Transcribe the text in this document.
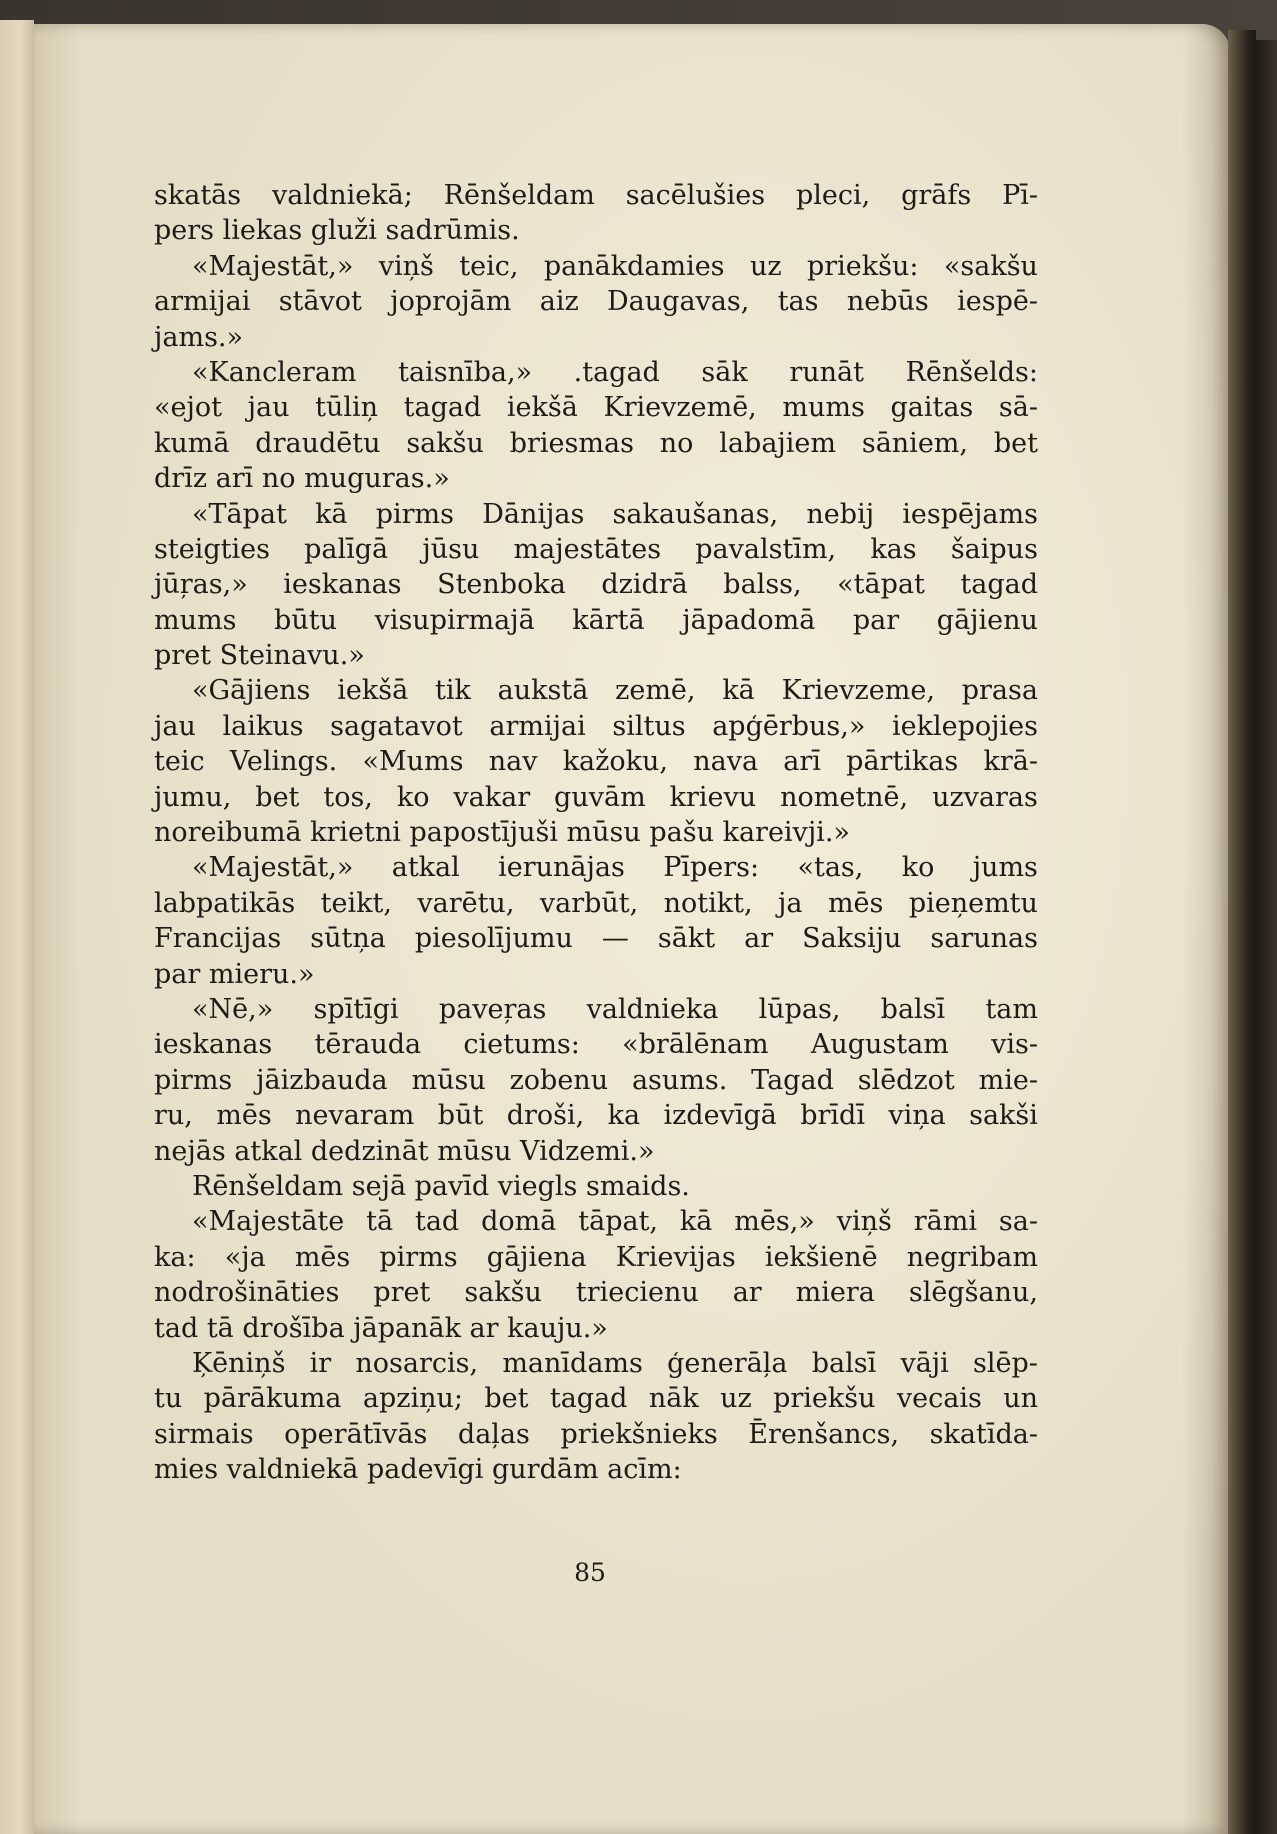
skatās valdniekā; Rēnšeldam sacēlušies pleci, grāfs Pī-
pers liekas gluži sadrūmis.
«Majestāt,» viņš teic, panākdamies uz priekšu: «sakšu
armijai stāvot joprojām aiz Daugavas, tas nebūs iespē-
jams.»
«Kancleram taisnība,» .tagad sāk runāt Rēnšelds:
«ejot jau tūliņ tagad iekšā Krievzemē, mums gaitas sā-
kumā draudētu sakšu briesmas no labajiem sāniem, bet
drīz arī no muguras.»
«Tāpat kā pirms Dānijas sakaušanas, nebij iespējams
steigties palīgā jūsu majestātes pavalstīm, kas šaipus
jūŗas,» ieskanas Stenboka dzidrā balss, «tāpat tagad
mums būtu visupirmajā kārtā jāpadomā par gājienu
pret Steinavu.»
«Gājiens iekšā tik aukstā zemē, kā Krievzeme, prasa
jau laikus sagatavot armijai siltus apģērbus,» ieklepojies
teic Velings. «Mums nav kažoku, nava arī pārtikas krā-
jumu, bet tos, ko vakar guvām krievu nometnē, uzvaras
noreibumā krietni papostījuši mūsu pašu kareivji.»
«Majestāt,» atkal ierunājas Pīpers: «tas, ko jums
labpatikās teikt, varētu, varbūt, notikt, ja mēs pieņemtu
Francijas sūtņa piesolījumu — sākt ar Saksiju sarunas
par mieru.»
«Nē,» spītīgi paveŗas valdnieka lūpas, balsī tam
ieskanas tērauda cietums: «brālēnam Augustam vis-
pirms jāizbauda mūsu zobenu asums. Tagad slēdzot mie-
ru, mēs nevaram būt droši, ka izdevīgā brīdī viņa sakši
nejās atkal dedzināt mūsu Vidzemi.»
Rēnšeldam sejā pavīd viegls smaids.
«Majestāte tā tad domā tāpat, kā mēs,» viņš rāmi sa-
ka: «ja mēs pirms gājiena Krievijas iekšienē negribam
nodrošināties pret sakšu triecienu ar miera slēgšanu,
tad tā drošība jāpanāk ar kauju.»
Ķēniņš ir nosarcis, manīdams ģenerāļa balsī vāji slēp-
tu pārākuma apziņu; bet tagad nāk uz priekšu vecais un
sirmais operātīvās daļas priekšnieks Ērenšancs, skatīda-
mies valdniekā padevīgi gurdām acīm:
85
